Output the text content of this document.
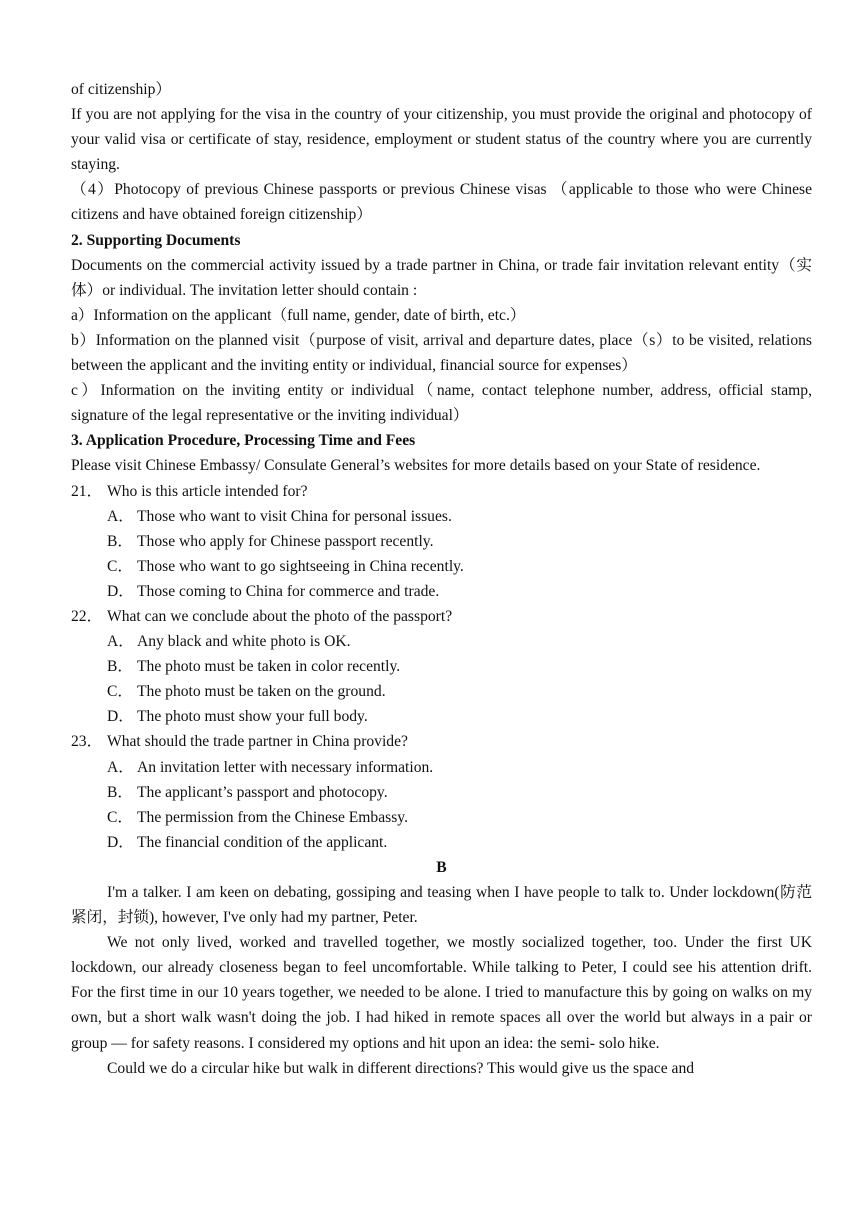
of citizenship）

If you are not applying for the visa in the country of your citizenship, you must provide the original and photocopy of your valid visa or certificate of stay, residence, employment or student status of the country where you are currently staying.

（4）Photocopy of previous Chinese passports or previous Chinese visas （applicable to those who were Chinese citizens and have obtained foreign citizenship）

2. Supporting Documents

Documents on the commercial activity issued by a trade partner in China, or trade fair invitation relevant entity（实体）or individual. The invitation letter should contain :

a）Information on the applicant（full name, gender, date of birth, etc.）

b）Information on the planned visit（purpose of visit, arrival and departure dates, place（s）to be visited, relations between the applicant and the inviting entity or individual, financial source for expenses）

c）Information on the inviting entity or individual（name, contact telephone number, address, official stamp, signature of the legal representative or the inviting individual）

3. Application Procedure, Processing Time and Fees

Please visit Chinese Embassy/ Consulate General’s websites for more details based on your State of residence.

21． Who is this article intended for?

A． Those who want to visit China for personal issues.

B． Those who apply for Chinese passport recently.

C． Those who want to go sightseeing in China recently.

D． Those coming to China for commerce and trade.

22． What can we conclude about the photo of the passport?

A． Any black and white photo is OK.

B． The photo must be taken in color recently.

C． The photo must be taken on the ground.

D． The photo must show your full body.

23． What should the trade partner in China provide?

A． An invitation letter with necessary information.

B． The applicant’s passport and photocopy.

C． The permission from the Chinese Embassy.

D． The financial condition of the applicant.

B

I'm a talker. I am keen on debating, gossiping and teasing when I have people to talk to. Under lockdown(防范紧闭，封锁), however, I've only had my partner, Peter.

We not only lived, worked and travelled together, we mostly socialized together, too. Under the first UK lockdown, our already closeness began to feel uncomfortable. While talking to Peter, I could see his attention drift. For the first time in our 10 years together, we needed to be alone. I tried to manufacture this by going on walks on my own, but a short walk wasn't doing the job. I had hiked in remote spaces all over the world but always in a pair or group — for safety reasons. I considered my options and hit upon an idea: the semi- solo hike.

Could we do a circular hike but walk in different directions? This would give us the space and
